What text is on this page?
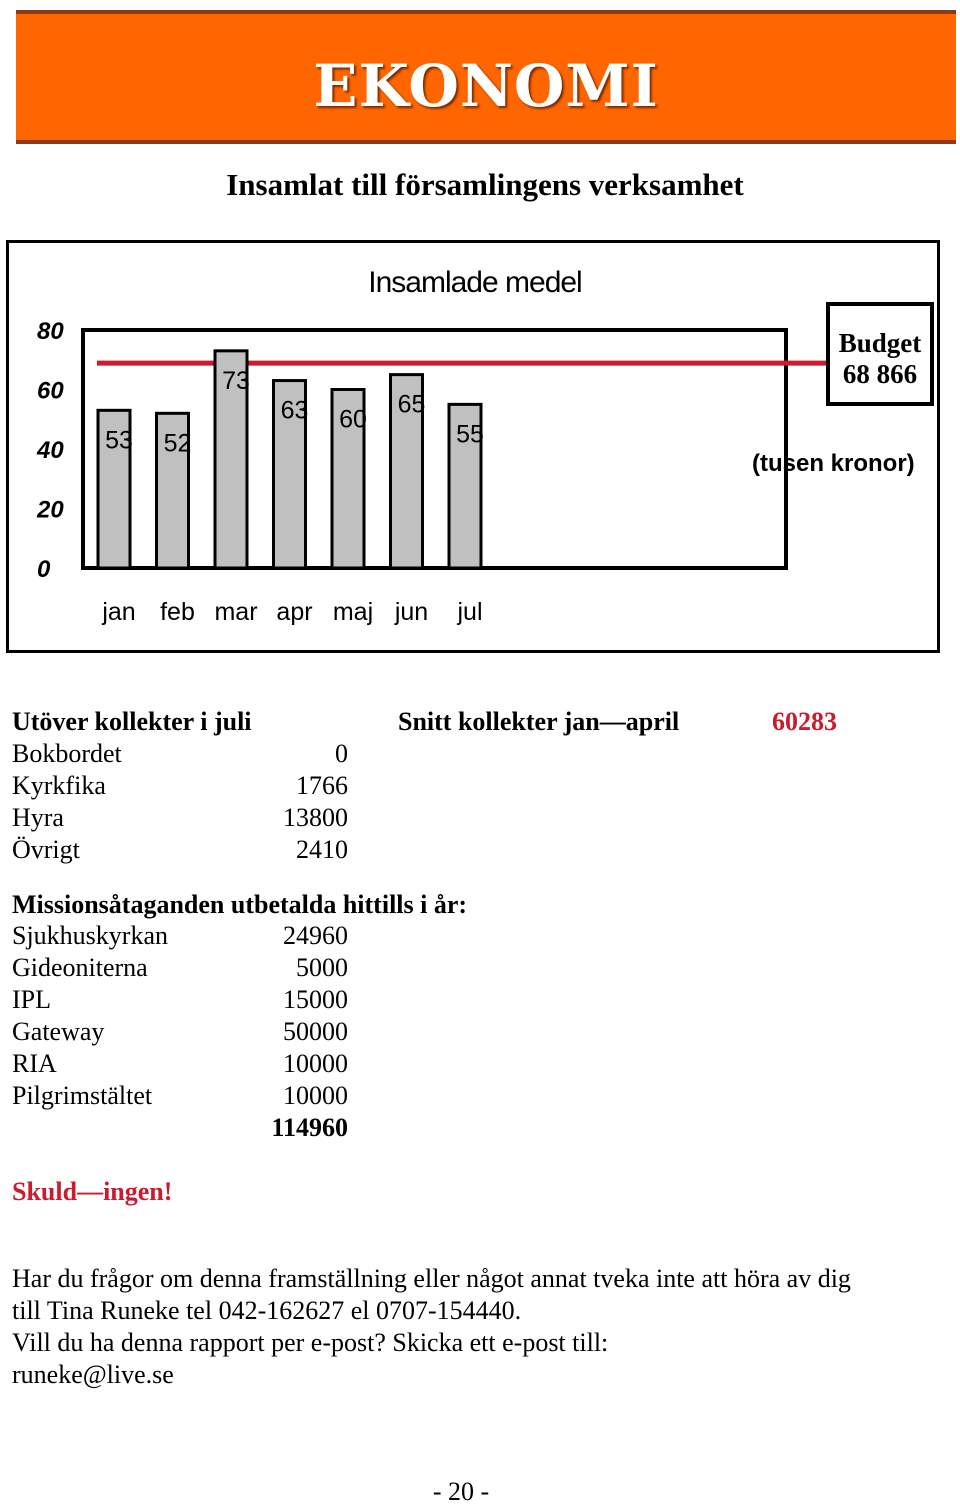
EKONOMI
Insamlat till församlingens verksamhet
Insamlade medel
0
20
40
60
80
53
jan
52
feb
73
mar
63
apr
60
maj
65
jun
55
jul
Budget
68 866
(tusen kronor)
Utöver kollekter i juli	Snitt kollekter jan—april	60283
Bokbordet	0
Kyrkfika	1766
Hyra	13800
Övrigt	2410
Missionsåtaganden utbetalda hittills i år:
Sjukhuskyrkan	24960
Gideoniterna	5000
IPL	15000
Gateway	50000
RIA	10000
Pilgrimstältet	10000
114960
Skuld—ingen!
Har du frågor om denna framställning eller något annat tveka inte att höra av dig
till Tina Runeke tel 042-162627 el 0707-154440.
Vill du ha denna rapport per e-post? Skicka ett e-post till:
runeke@live.se
- 20 -
